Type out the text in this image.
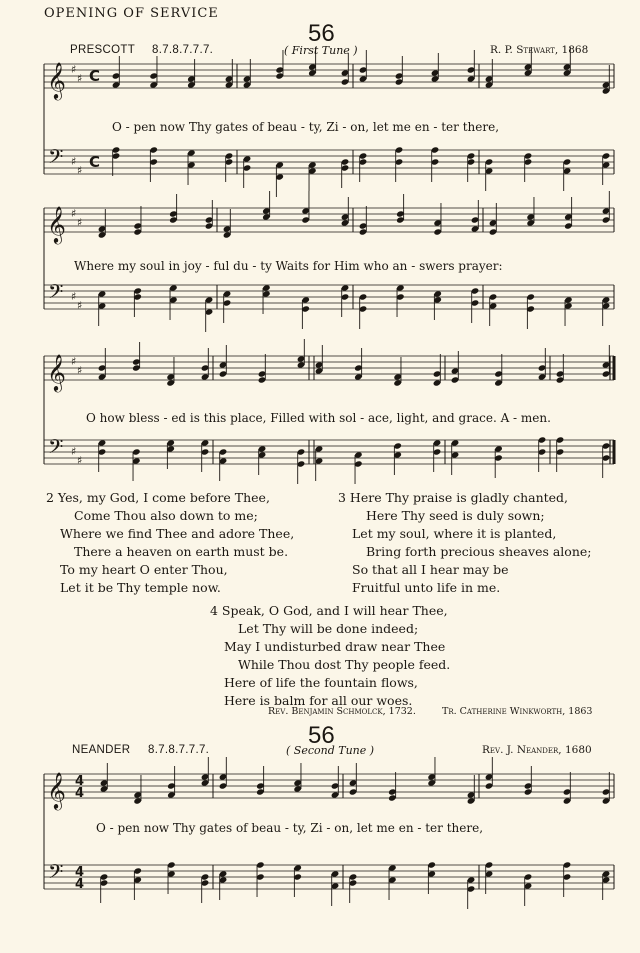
OPENING OF SERVICE
56
PRESCOTT 8.7.8.7.7.7.	( First Tune )	R. P. Stewart, 1868
𝄞
𝄢
♯
♯
♯
♯
C
C
𝄞
𝄢
♯
♯
♯
♯
𝄞
𝄢
♯
♯
♯
♯
O - pen now Thy gates of beau - ty, Zi - on, let me en - ter there,
Where my soul in joy - ful du - ty Waits for Him who an - swers prayer:
O how bless - ed is this place, Filled with sol - ace, light, and grace. A - men.
2 Yes, my God, I come before Thee,
Come Thou also down to me;
Where we find Thee and adore Thee,
There a heaven on earth must be.
To my heart O enter Thou,
Let it be Thy temple now.
3 Here Thy praise is gladly chanted,
Here Thy seed is duly sown;
Let my soul, where it is planted,
Bring forth precious sheaves alone;
So that all I hear may be
Fruitful unto life in me.
4 Speak, O God, and I will hear Thee,
Let Thy will be done indeed;
May I undisturbed draw near Thee
While Thou dost Thy people feed.
Here of life the fountain flows,
Here is balm for all our woes.
Rev. Benjamin Schmolck, 1732.	Tr. Catherine Winkworth, 1863
56
NEANDER 8.7.8.7.7.7.	( Second Tune )	Rev. J. Neander, 1680
𝄞
𝄢
4
4
4
4
O - pen now Thy gates of beau - ty, Zi - on, let me en - ter there,
